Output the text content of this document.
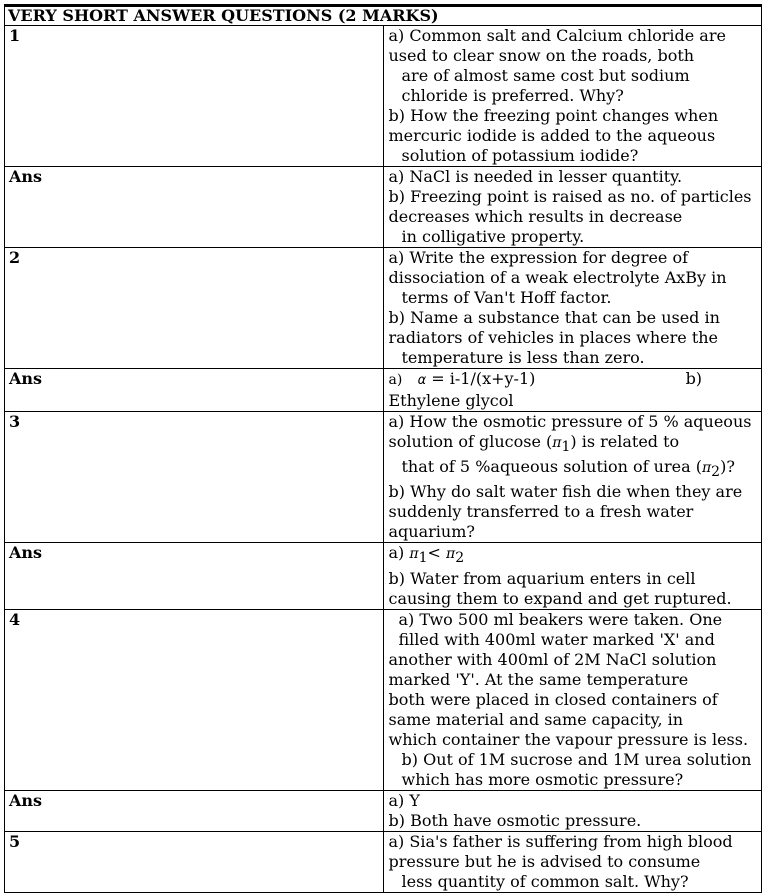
VERY SHORT ANSWER QUESTIONS (2 MARKS)	
1	a) Common salt and Calcium chloride are used to clear snow on the roads, both
are of almost same cost but sodium chloride is preferred. Why?
b) How the freezing point changes when mercuric iodide is added to the aqueous
solution of potassium iodide?

Ans	a) NaCl is needed in lesser quantity.
b) Freezing point is raised as no. of particles decreases which results in decrease
in colligative property.

2	a) Write the expression for degree of dissociation of a weak electrolyte AxBy in
terms of Van't Hoff factor.
b) Name a substance that can be used in radiators of vehicles in places where the
temperature is less than zero.

Ans	a) α = i-1/(x+y-1) b) Ethylene glycol
3	a) How the osmotic pressure of 5 % aqueous solution of glucose $(\pi_1)$ is related to
that of 5 %aqueous solution of urea $(\pi_2)$?
b) Why do salt water fish die when they are suddenly transferred to a fresh water
aquarium?

Ans	a) $\pi_1< \pi_2$
b) Water from aquarium enters in cell causing them to expand and get ruptured.

4	a) Two 500 ml beakers were taken. One filled with 400ml water marked 'X' and
another with 400ml of 2M NaCl solution marked 'Y'. At the same temperature
both were placed in closed containers of same material and same capacity, in
which container the vapour pressure is less.
b) Out of 1M sucrose and 1M urea solution which has more osmotic pressure?

Ans	a) Y
b) Both have osmotic pressure.

5	a) Sia's father is suffering from high blood pressure but he is advised to consume
less quantity of common salt. Why?
